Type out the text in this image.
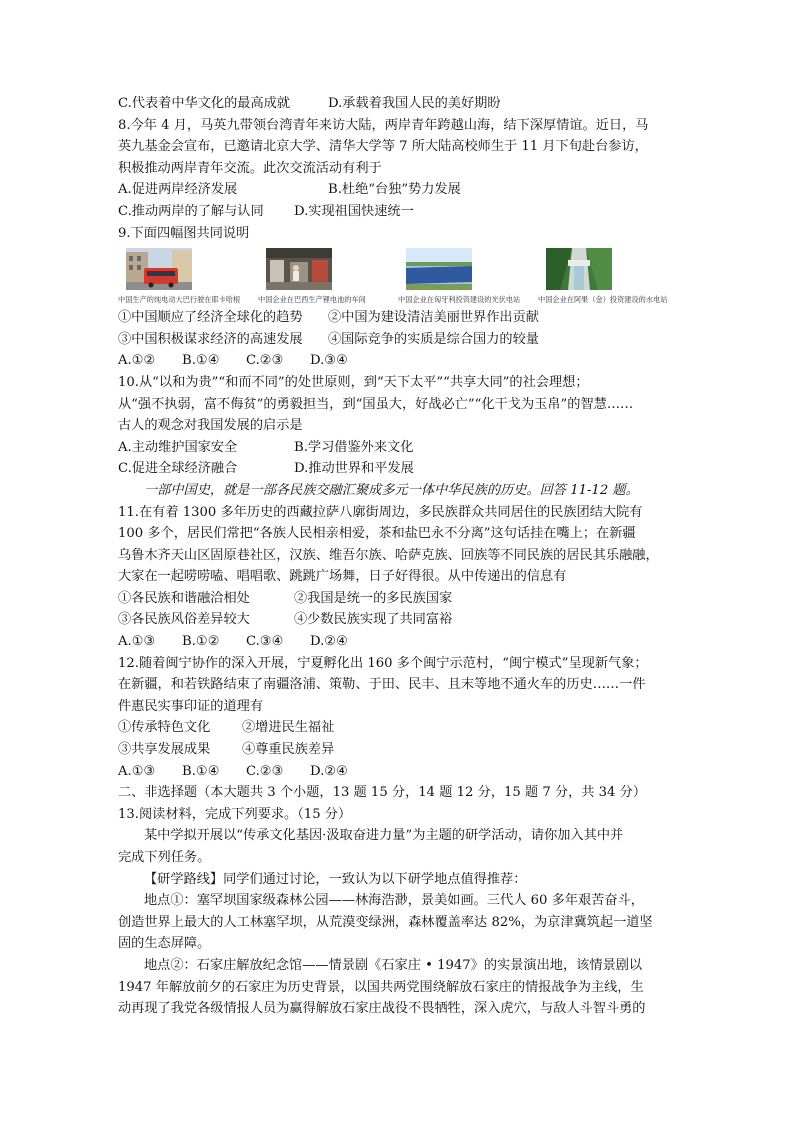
C.代表着中华文化的最高成就	D.承载着我国人民的美好期盼

8.今年 4 月，马英九带领台湾青年来访大陆，两岸青年跨越山海，结下深厚情谊。近日，马

英九基金会宣布，已邀请北京大学、清华大学等 7 所大陆高校师生于 11 月下旬赴台参访，

积极推动两岸青年交流。此次交流活动有利于

A.促进两岸经济发展	B.杜绝“台独”势力发展

C.推动两岸的了解与认同	D.实现祖国快速统一

9.下面四幅图共同说明

中国生产的纯电动大巴行驶在耶卡哈根	中国企业在巴西生产锂电池的车间	中国企业在匈牙利投资建设的光伏电站	中国企业在阿果（金）投资建设的水电站

①中国顺应了经济全球化的趋势	②中国为建设清洁美丽世界作出贡献

③中国积极谋求经济的高速发展	④国际竞争的实质是综合国力的较量

A.①②	B.①④	C.②③	D.③④

10.从“以和为贵”“和而不同”的处世原则，到“天下太平”“共享大同”的社会理想；

从“强不执弱，富不侮贫”的勇毅担当，到“国虽大，好战必亡”“化干戈为玉帛”的智慧……

古人的观念对我国发展的启示是

A.主动维护国家安全	B.学习借鉴外来文化

C.促进全球经济融合	D.推动世界和平发展

一部中国史，就是一部各民族交融汇聚成多元一体中华民族的历史。回答 11-12 题。

11.在有着 1300 多年历史的西藏拉萨八廓街周边，多民族群众共同居住的民族团结大院有

100 多个，居民们常把“各族人民相亲相爱，茶和盐巴永不分离”这句话挂在嘴上；在新疆

乌鲁木齐天山区固原巷社区，汉族、维吾尔族、哈萨克族、回族等不同民族的居民其乐融融，

大家在一起唠唠嗑、唱唱歌、跳跳广场舞，日子好得很。从中传递出的信息有

①各民族和谐融洽相处	②我国是统一的多民族国家

③各民族风俗差异较大	④少数民族实现了共同富裕

A.①③	B.①②	C.③④	D.②④

12.随着闽宁协作的深入开展，宁夏孵化出 160 多个闽宁示范村，“闽宁模式”呈现新气象；

在新疆，和若铁路结束了南疆洛浦、策勒、于田、民丰、且末等地不通火车的历史……一件

件惠民实事印证的道理有

①传承特色文化	②增进民生福祉

③共享发展成果	④尊重民族差异

A.①③	B.①④	C.②③	D.②④

二、非选择题（本大题共 3 个小题，13 题 15 分，14 题 12 分，15 题 7 分，共 34 分）

13.阅读材料，完成下列要求。（15 分）

某中学拟开展以“传承文化基因·汲取奋进力量”为主题的研学活动，请你加入其中并

完成下列任务。

【研学路线】同学们通过讨论，一致认为以下研学地点值得推荐：

地点①：塞罕坝国家级森林公园——林海浩渺，景美如画。三代人 60 多年艰苦奋斗，

创造世界上最大的人工林塞罕坝，从荒漠变绿洲，森林覆盖率达 82%，为京津冀筑起一道坚

固的生态屏障。

地点②：石家庄解放纪念馆——情景剧《石家庄 • 1947》的实景演出地，该情景剧以

1947 年解放前夕的石家庄为历史背景，以国共两党围绕解放石家庄的情报战争为主线，生

动再现了我党各级情报人员为赢得解放石家庄战役不畏牺牲，深入虎穴，与敌人斗智斗勇的
